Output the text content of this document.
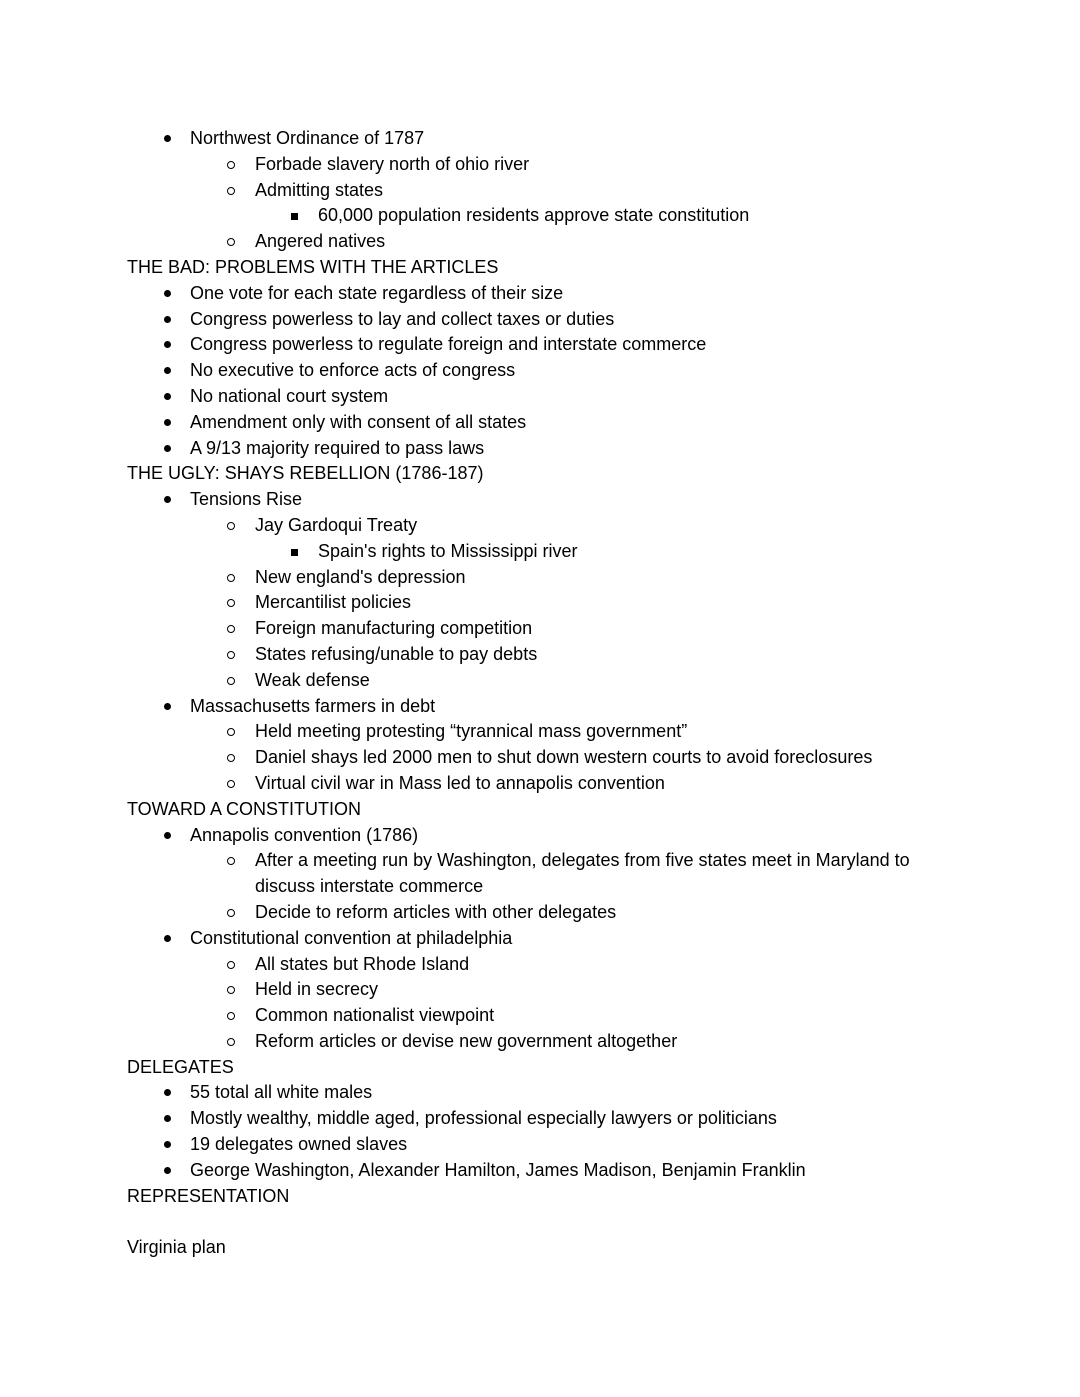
Northwest Ordinance of 1787
Forbade slavery north of ohio river
Admitting states
60,000 population residents approve state constitution
Angered natives
THE BAD: PROBLEMS WITH THE ARTICLES
One vote for each state regardless of their size
Congress powerless to lay and collect taxes or duties
Congress powerless to regulate foreign and interstate commerce
No executive to enforce acts of congress
No national court system
Amendment only with consent of all states
A 9/13 majority required to pass laws
THE UGLY: SHAYS REBELLION (1786-187)
Tensions Rise
Jay Gardoqui Treaty
Spain's rights to Mississippi river
New england's depression
Mercantilist policies
Foreign manufacturing competition
States refusing/unable to pay debts
Weak defense
Massachusetts farmers in debt
Held meeting protesting “tyrannical mass government”
Daniel shays led 2000 men to shut down western courts to avoid foreclosures
Virtual civil war in Mass led to annapolis convention
TOWARD A CONSTITUTION
Annapolis convention (1786)
After a meeting run by Washington, delegates from five states meet in Maryland to discuss interstate commerce
Decide to reform articles with other delegates
Constitutional convention at philadelphia
All states but Rhode Island
Held in secrecy
Common nationalist viewpoint
Reform articles or devise new government altogether
DELEGATES
55 total all white males
Mostly wealthy, middle aged, professional especially lawyers or politicians
19 delegates owned slaves
George Washington, Alexander Hamilton, James Madison, Benjamin Franklin
REPRESENTATION
Virginia plan
